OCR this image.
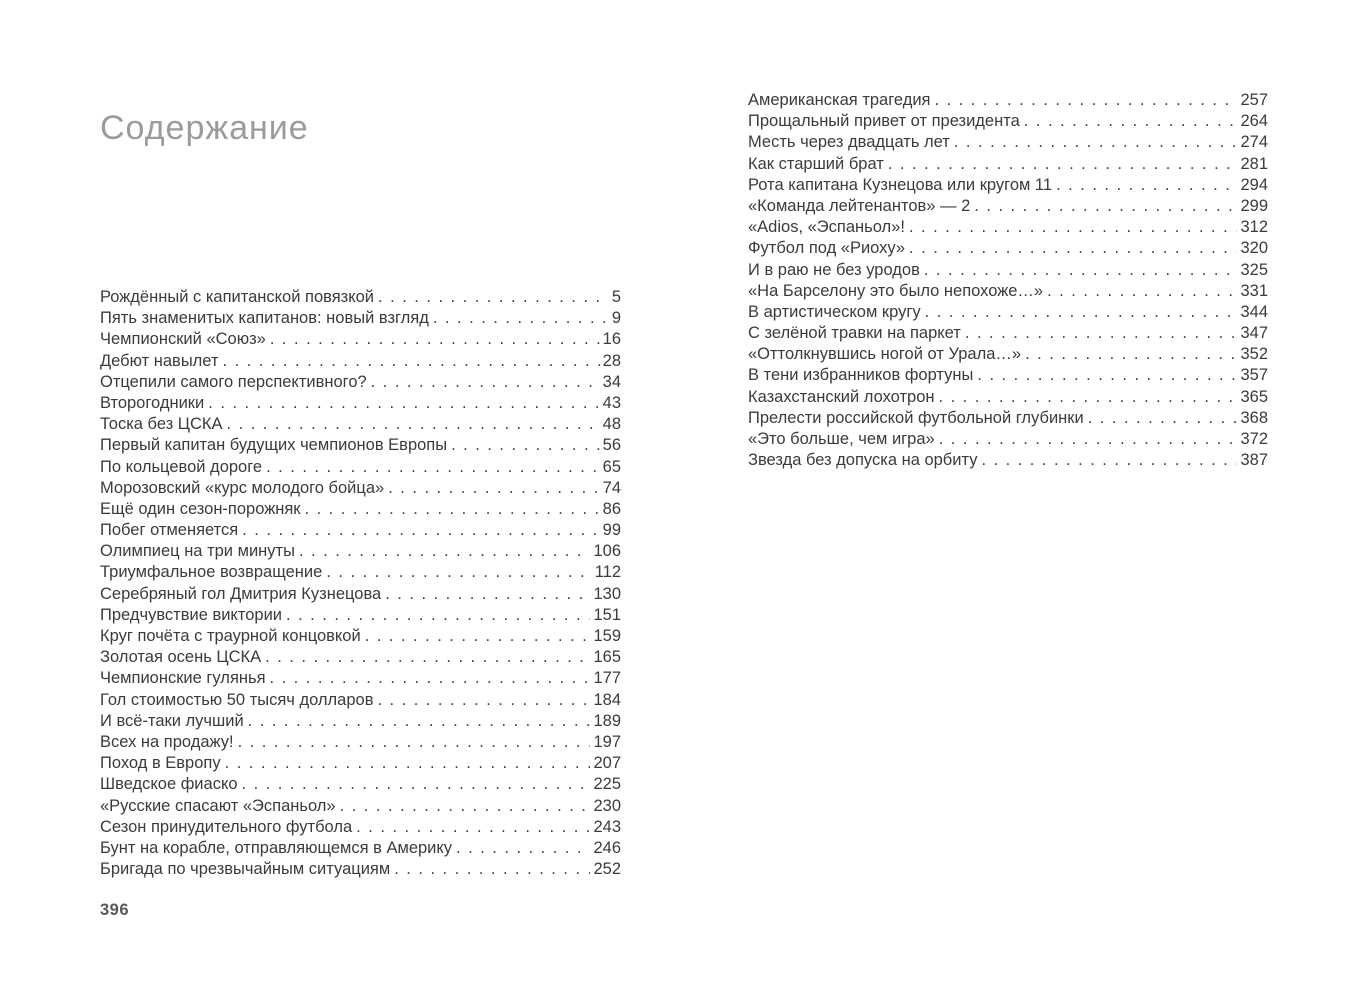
Содержание
Рождённый с капитанской повязкой .....	5
Пять знаменитых капитанов: новый взгляд .....	9
Чемпионский «Союз» .....	16
Дебют навылет .....	28
Отцепили самого перспективного? .....	34
Второгодники .....	43
Тоска без ЦСКА .....	48
Первый капитан будущих чемпионов Европы .....	56
По кольцевой дороге .....	65
Морозовский «курс молодого бойца» .....	74
Ещё один сезон-порожняк .....	86
Побег отменяется .....	99
Олимпиец на три минуты .....	106
Триумфальное возвращение .....	112
Серебряный гол Дмитрия Кузнецова .....	130
Предчувствие виктории .....	151
Круг почёта с траурной концовкой .....	159
Золотая осень ЦСКА .....	165
Чемпионские гулянья .....	177
Гол стоимостью 50 тысяч долларов .....	184
И всё-таки лучший .....	189
Всех на продажу! .....	197
Поход в Европу .....	207
Шведское фиаско .....	225
«Русские спасают «Эспаньол» .....	230
Сезон принудительного футбола .....	243
Бунт на корабле, отправляющемся в Америку .....	246
Бригада по чрезвычайным ситуациям .....	252
Американская трагедия .....	257
Прощальный привет от президента .....	264
Месть через двадцать лет .....	274
Как старший брат .....	281
Рота капитана Кузнецова или кругом 11 .....	294
«Команда лейтенантов» — 2 .....	299
«Adios, «Эспаньол»! .....	312
Футбол под «Риоху» .....	320
И в раю не без уродов .....	325
«На Барселону это было непохоже…» .....	331
В артистическом кругу .....	344
С зелёной травки на паркет .....	347
«Оттолкнувшись ногой от Урала…» .....	352
В тени избранников фортуны .....	357
Казахстанский лохотрон .....	365
Прелести российской футбольной глубинки .....	368
«Это больше, чем игра» .....	372
Звезда без допуска на орбиту .....	387
396
